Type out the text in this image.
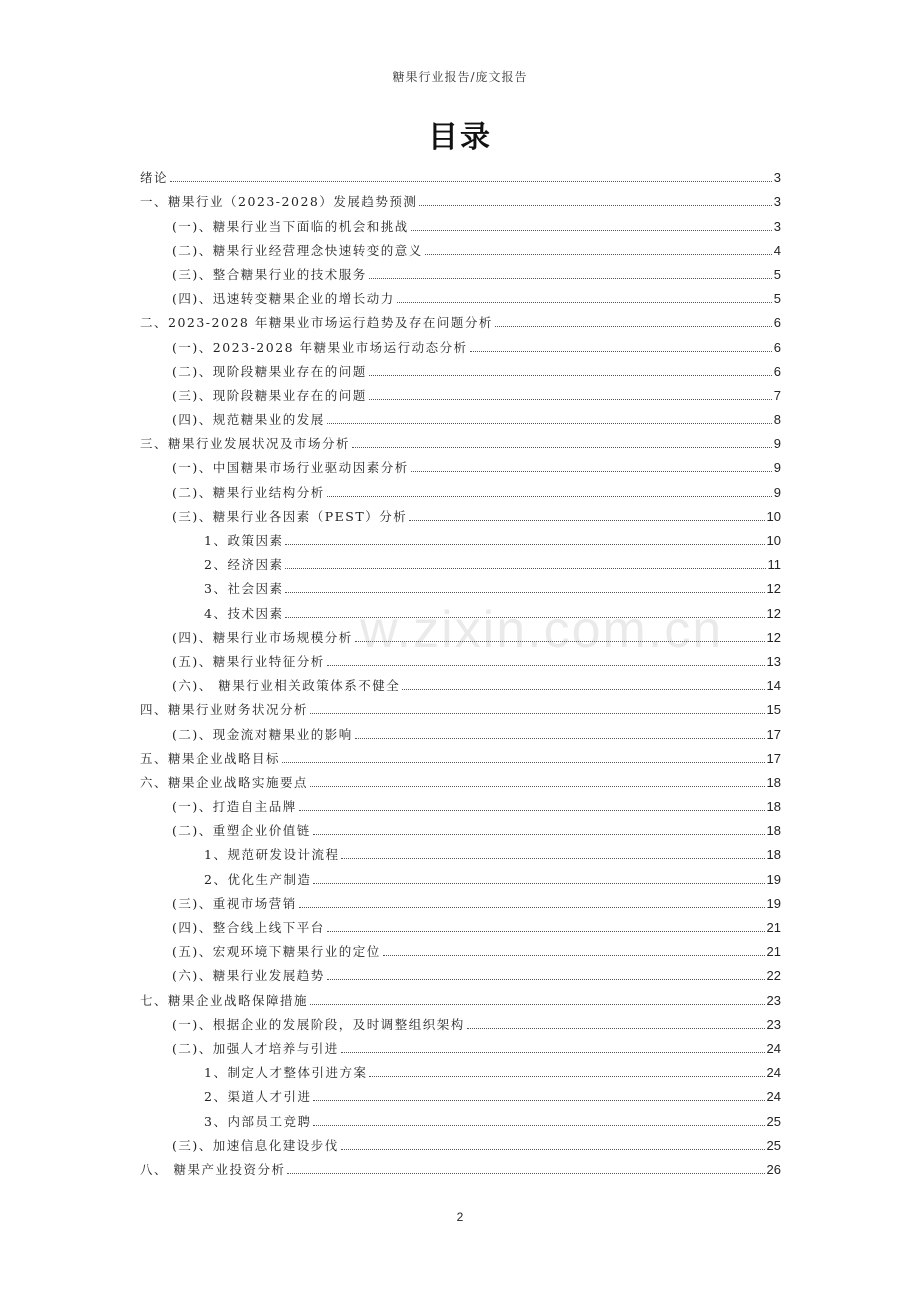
糖果行业报告/庞文报告
目录
w.zixin.com.cn
绪论	3
一、糖果行业（2023-2028）发展趋势预测	3
(一)、糖果行业当下面临的机会和挑战	3
(二)、糖果行业经营理念快速转变的意义	4
(三)、整合糖果行业的技术服务	5
(四)、迅速转变糖果企业的增长动力	5
二、2023-2028 年糖果业市场运行趋势及存在问题分析	6
(一)、2023-2028 年糖果业市场运行动态分析	6
(二)、现阶段糖果业存在的问题	6
(三)、现阶段糖果业存在的问题	7
(四)、规范糖果业的发展	8
三、糖果行业发展状况及市场分析	9
(一)、中国糖果市场行业驱动因素分析	9
(二)、糖果行业结构分析	9
(三)、糖果行业各因素（PEST）分析	10
1、政策因素	10
2、经济因素	11
3、社会因素	12
4、技术因素	12
(四)、糖果行业市场规模分析	12
(五)、糖果行业特征分析	13
(六)、 糖果行业相关政策体系不健全	14
四、糖果行业财务状况分析	15
(二)、现金流对糖果业的影响	17
五、糖果企业战略目标	17
六、糖果企业战略实施要点	18
(一)、打造自主品牌	18
(二)、重塑企业价值链	18
1、规范研发设计流程	18
2、优化生产制造	19
(三)、重视市场营销	19
(四)、整合线上线下平台	21
(五)、宏观环境下糖果行业的定位	21
(六)、糖果行业发展趋势	22
七、糖果企业战略保障措施	23
(一)、根据企业的发展阶段，及时调整组织架构	23
(二)、加强人才培养与引进	24
1、制定人才整体引进方案	24
2、渠道人才引进	24
3、内部员工竞聘	25
(三)、加速信息化建设步伐	25
八、 糖果产业投资分析	26
2
